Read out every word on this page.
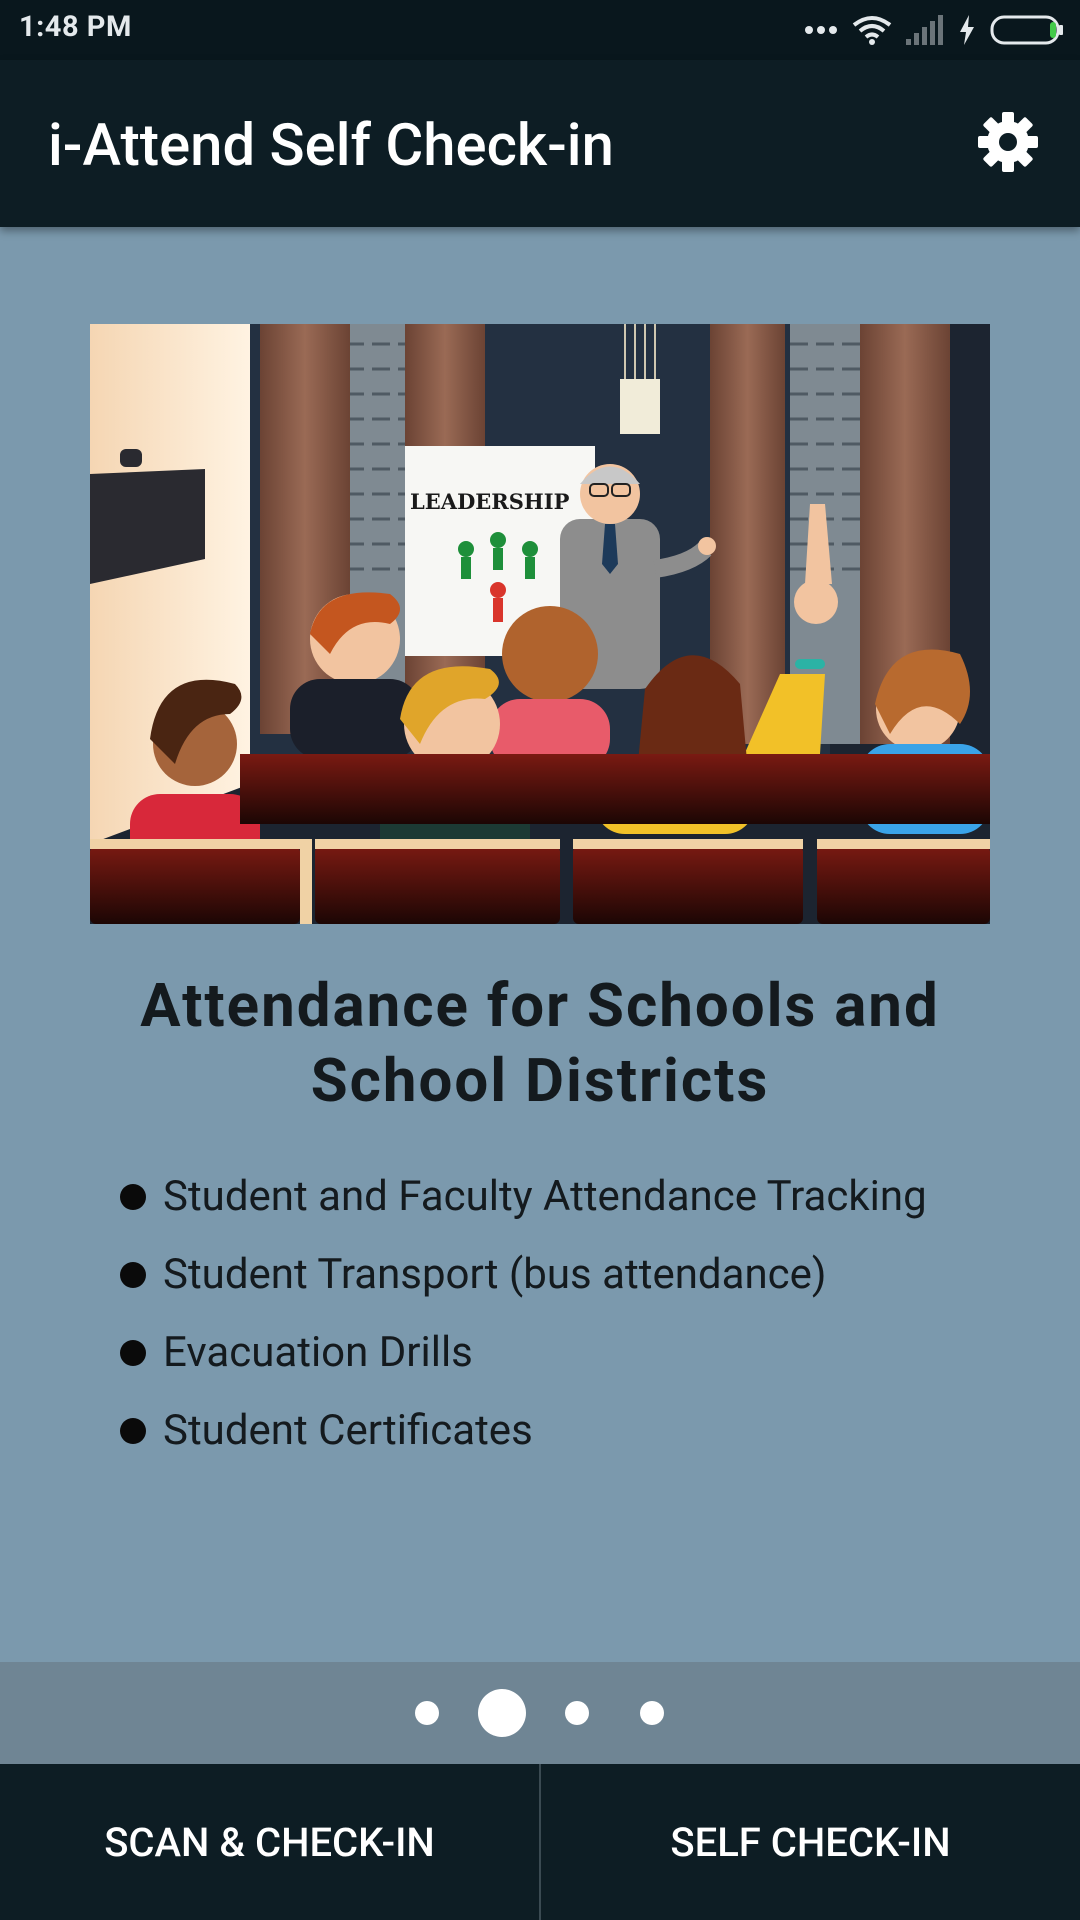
1:48 PM
i-Attend Self Check-in
LEADERSHIP
Attendance for Schools and School Districts
Student and Faculty Attendance Tracking
Student Transport (bus attendance)
Evacuation Drills
Student Certificates
SCAN & CHECK-IN	SELF CHECK-IN
